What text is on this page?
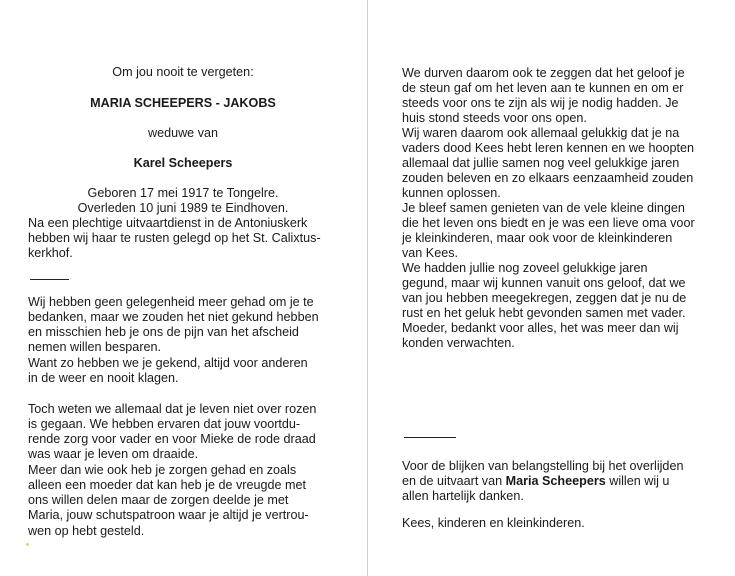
Om jou nooit te vergeten:
MARIA SCHEEPERS - JAKOBS
weduwe van
Karel Scheepers
Geboren 17 mei 1917 te Tongelre.
Overleden 10 juni 1989 te Eindhoven.
Na een plechtige uitvaartdienst in de Antoniuskerk
hebben wij haar te rusten gelegd op het St. Calixtus-
kerkhof.
Wij hebben geen gelegenheid meer gehad om je te
bedanken, maar we zouden het niet gekund hebben
en misschien heb je ons de pijn van het afscheid
nemen willen besparen.
Want zo hebben we je gekend, altijd voor anderen
in de weer en nooit klagen.
Toch weten we allemaal dat je leven niet over rozen
is gegaan. We hebben ervaren dat jouw voortdu-
rende zorg voor vader en voor Mieke de rode draad
was waar je leven om draaide.
Meer dan wie ook heb je zorgen gehad en zoals
alleen een moeder dat kan heb je de vreugde met
ons willen delen maar de zorgen deelde je met
Maria, jouw schutspatroon waar je altijd je vertrou-
wen op hebt gesteld.
We durven daarom ook te zeggen dat het geloof je
de steun gaf om het leven aan te kunnen en om er
steeds voor ons te zijn als wij je nodig hadden. Je
huis stond steeds voor ons open.
Wij waren daarom ook allemaal gelukkig dat je na
vaders dood Kees hebt leren kennen en we hoopten
allemaal dat jullie samen nog veel gelukkige jaren
zouden beleven en zo elkaars eenzaamheid zouden
kunnen oplossen.
Je bleef samen genieten van de vele kleine dingen
die het leven ons biedt en je was een lieve oma voor
je kleinkinderen, maar ook voor de kleinkinderen
van Kees.
We hadden jullie nog zoveel gelukkige jaren
gegund, maar wij kunnen vanuit ons geloof, dat we
van jou hebben meegekregen, zeggen dat je nu de
rust en het geluk hebt gevonden samen met vader.
Moeder, bedankt voor alles, het was meer dan wij
konden verwachten.
Voor de blijken van belangstelling bij het overlijden
en de uitvaart van Maria Scheepers willen wij u
allen hartelijk danken.
Kees, kinderen en kleinkinderen.
